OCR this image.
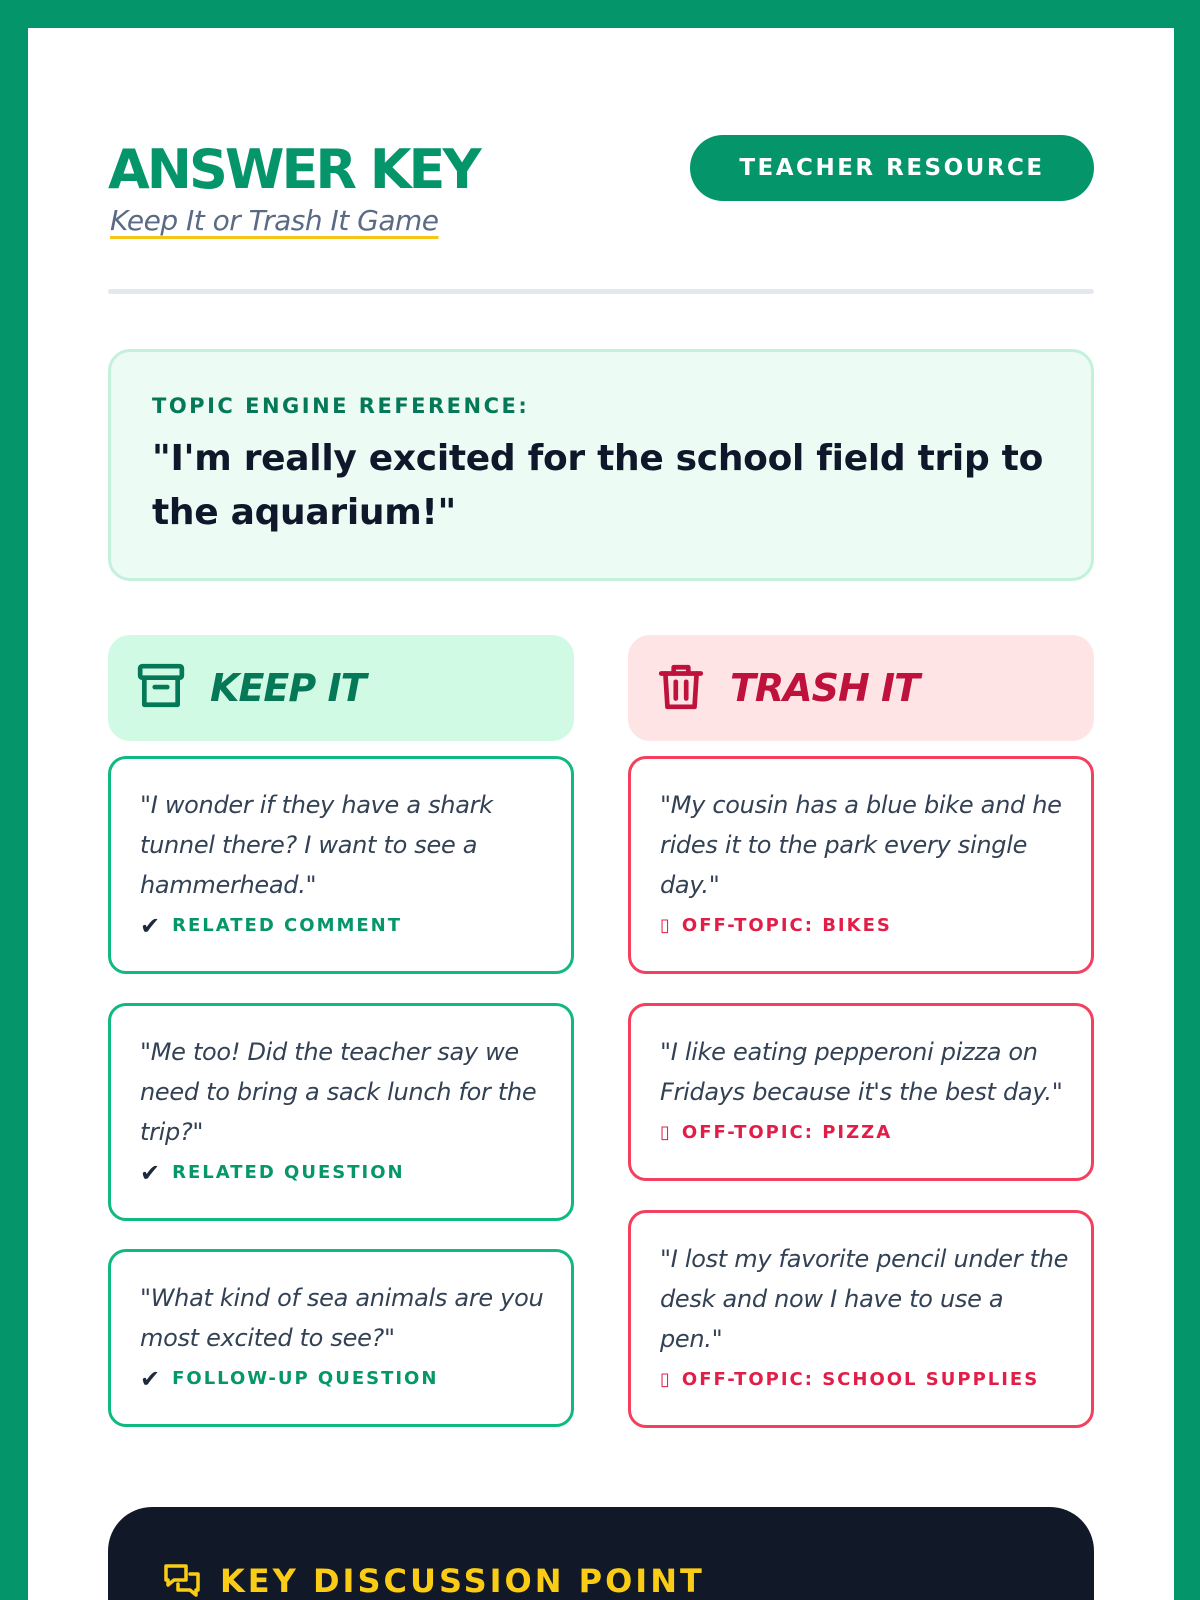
ANSWER KEY
Keep It or Trash It Game
TEACHER RESOURCE
TOPIC ENGINE REFERENCE:
"I'm really excited for the school field trip to the aquarium!"
KEEP IT	TRASH IT
"I wonder if they have a shark tunnel there? I want to see a hammerhead."
✔ RELATED COMMENT
"Me too! Did the teacher say we need to bring a sack lunch for the trip?"
✔ RELATED QUESTION
"What kind of sea animals are you most excited to see?"
✔ FOLLOW-UP QUESTION
"My cousin has a blue bike and he rides it to the park every single day."
▯ OFF-TOPIC: BIKES
"I like eating pepperoni pizza on Fridays because it's the best day."
▯ OFF-TOPIC: PIZZA
"I lost my favorite pencil under the desk and now I have to use a pen."
▯ OFF-TOPIC: SCHOOL SUPPLIES
KEY DISCUSSION POINT
